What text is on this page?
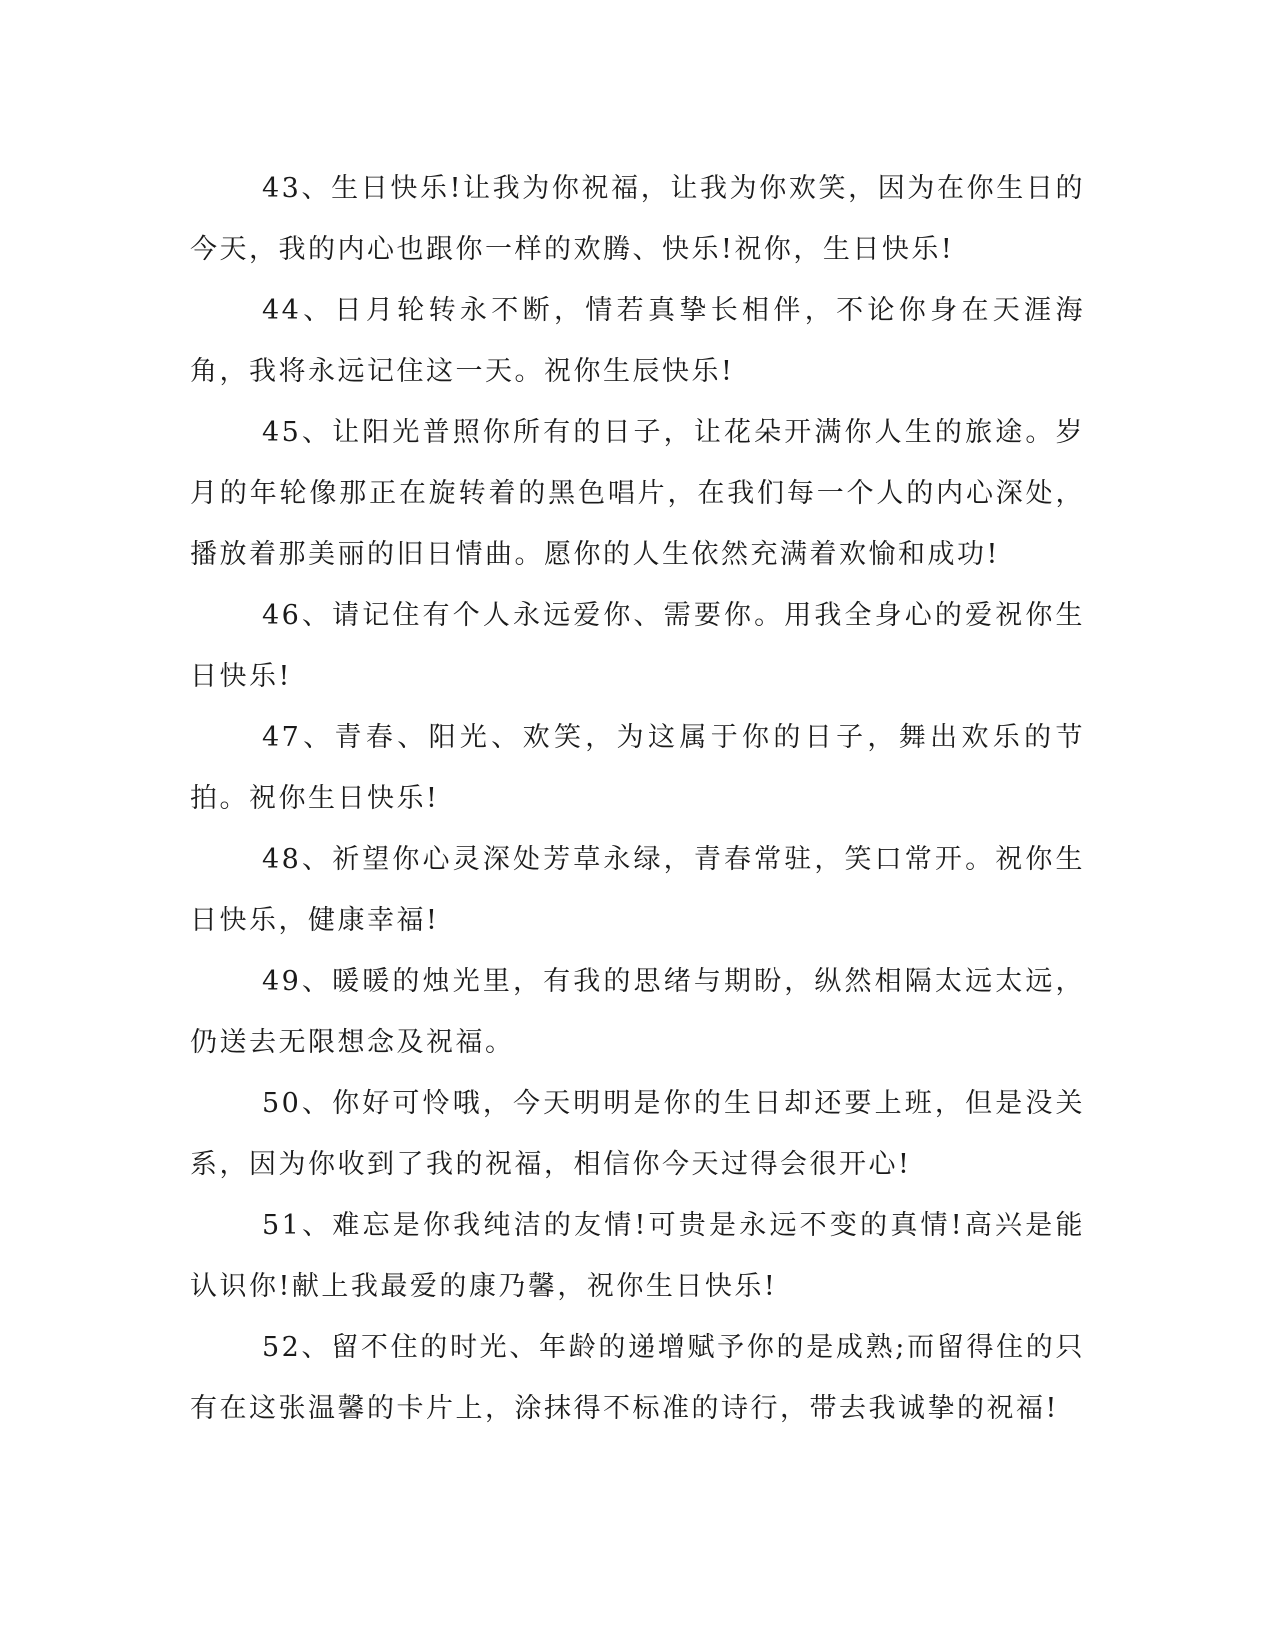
43、生日快乐!让我为你祝福，让我为你欢笑，因为在你生日的今天，我的内心也跟你一样的欢腾、快乐!祝你，生日快乐!

44、日月轮转永不断，情若真挚长相伴，不论你身在天涯海角，我将永远记住这一天。祝你生辰快乐!

45、让阳光普照你所有的日子，让花朵开满你人生的旅途。岁月的年轮像那正在旋转着的黑色唱片，在我们每一个人的内心深处，播放着那美丽的旧日情曲。愿你的人生依然充满着欢愉和成功!

46、请记住有个人永远爱你、需要你。用我全身心的爱祝你生日快乐!

47、青春、阳光、欢笑，为这属于你的日子，舞出欢乐的节拍。祝你生日快乐!

48、祈望你心灵深处芳草永绿，青春常驻，笑口常开。祝你生日快乐，健康幸福!

49、暖暖的烛光里，有我的思绪与期盼，纵然相隔太远太远，仍送去无限想念及祝福。

50、你好可怜哦，今天明明是你的生日却还要上班，但是没关系，因为你收到了我的祝福，相信你今天过得会很开心!

51、难忘是你我纯洁的友情!可贵是永远不变的真情!高兴是能认识你!献上我最爱的康乃馨，祝你生日快乐!

52、留不住的时光、年龄的递增赋予你的是成熟;而留得住的只有在这张温馨的卡片上，涂抹得不标准的诗行，带去我诚挚的祝福!
